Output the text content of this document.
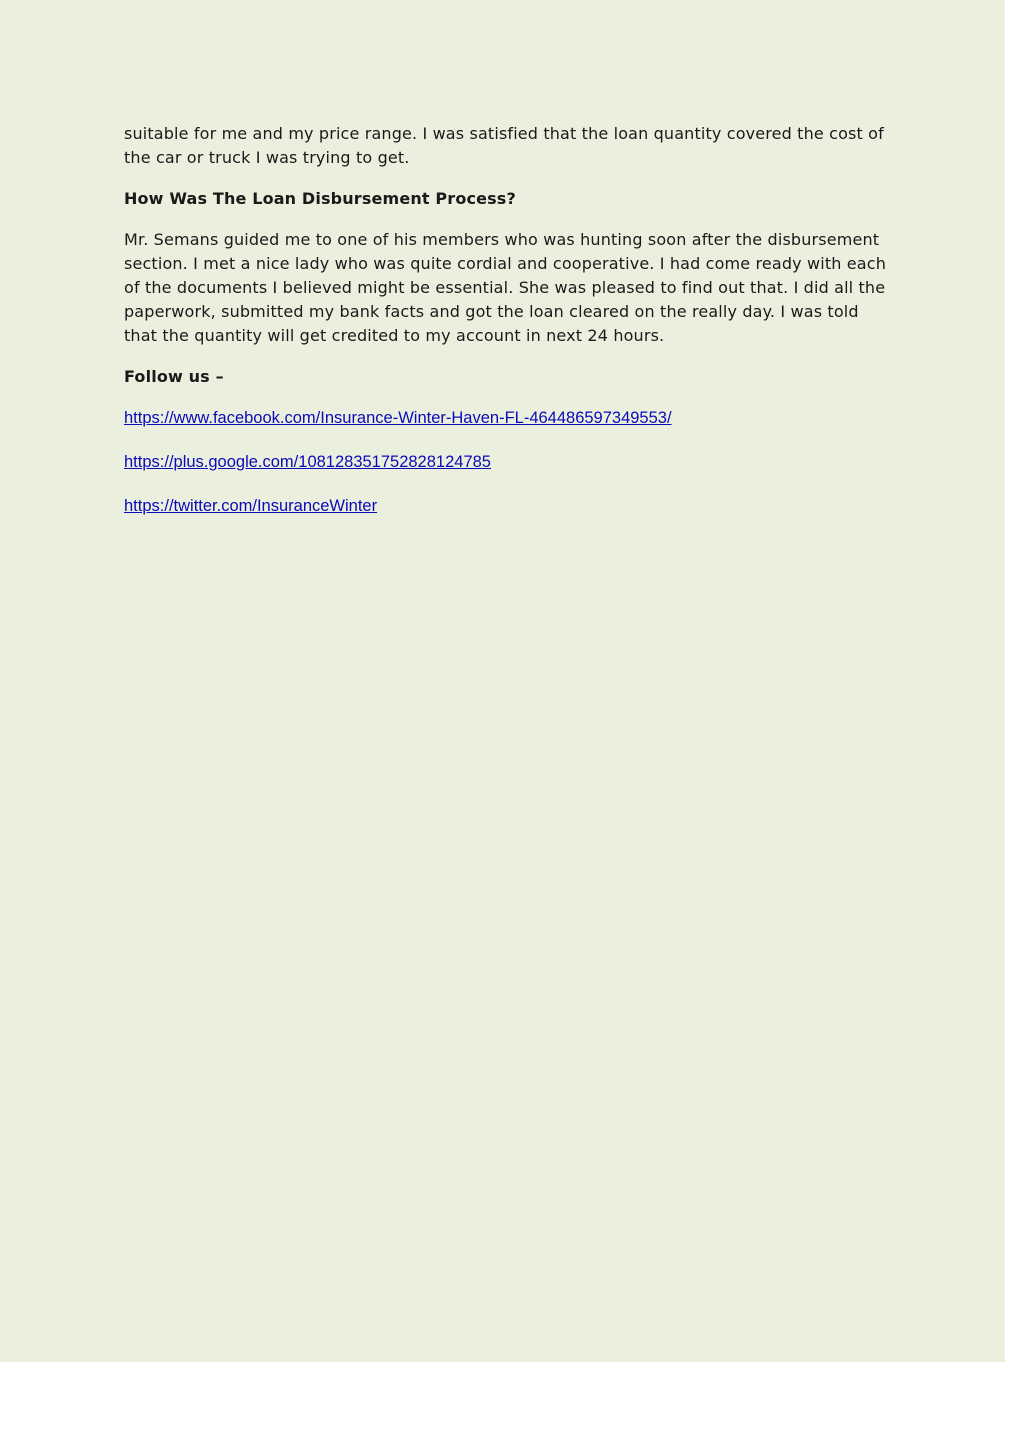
suitable for me and my price range. I was satisfied that the loan quantity covered the cost of the car or truck I was trying to get.

How Was The Loan Disbursement Process?

Mr. Semans guided me to one of his members who was hunting soon after the disbursement section. I met a nice lady who was quite cordial and cooperative. I had come ready with each of the documents I believed might be essential. She was pleased to find out that. I did all the paperwork, submitted my bank facts and got the loan cleared on the really day. I was told that the quantity will get credited to my account in next 24 hours.

Follow us –

https://www.facebook.com/Insurance-Winter-Haven-FL-464486597349553/

https://plus.google.com/108128351752828124785

https://twitter.com/InsuranceWinter
